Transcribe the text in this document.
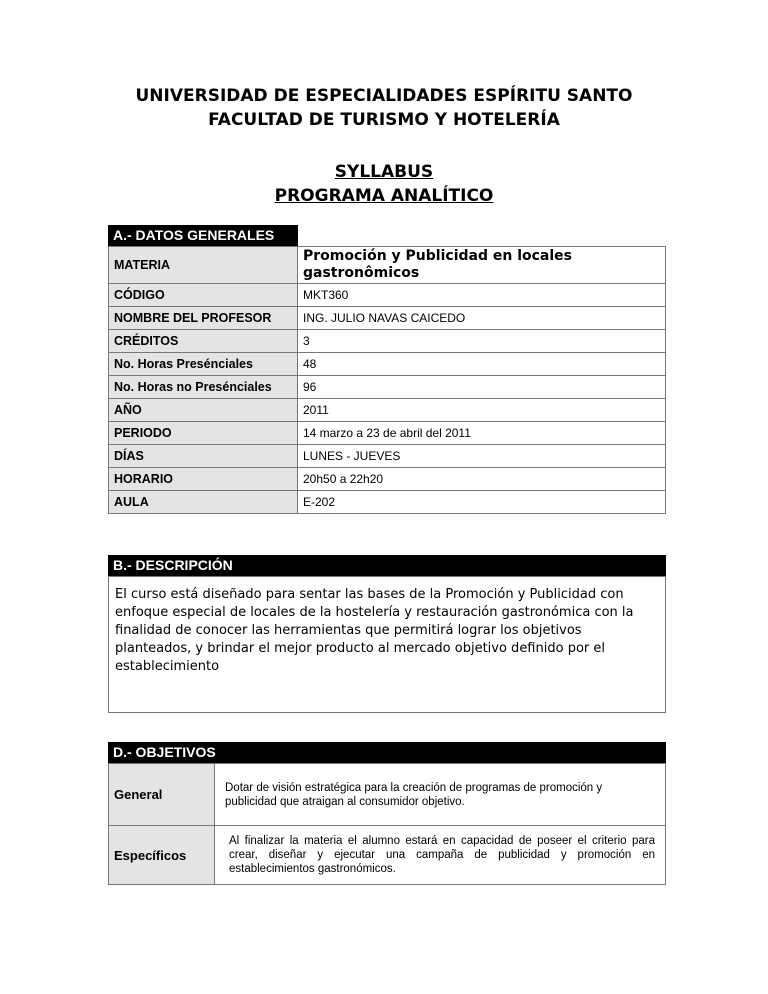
UNIVERSIDAD DE ESPECIALIDADES ESPÍRITU SANTO
FACULTAD DE TURISMO Y HOTELERÍA
SYLLABUS
PROGRAMA ANALÍTICO
A.- DATOS GENERALES
MATERIA	Promoción y Publicidad en locales gastronômicos
CÓDIGO	MKT360
NOMBRE DEL PROFESOR	ING. JULIO NAVAS CAICEDO
CRÉDITOS	3
No. Horas Presénciales	48
No. Horas no Presénciales	96
AÑO	2011
PERIODO	14 marzo a 23 de abril del 2011
DÍAS	LUNES - JUEVES
HORARIO	20h50 a 22h20
AULA	E-202
B.- DESCRIPCIÓN
El curso está diseñado para sentar las bases de la Promoción y Publicidad con enfoque especial de locales de la hostelería y restauración gastronómica con la finalidad de conocer las herramientas que permitirá lograr los objetivos planteados, y brindar el mejor producto al mercado objetivo definido por el establecimiento
D.- OBJETIVOS
General	Dotar de visión estratégica para la creación de programas de promoción y publicidad que atraigan al consumidor objetivo.
Específicos	Al finalizar la materia el alumno estará en capacidad de poseer el criterio para crear, diseñar y ejecutar una campaña de publicidad y promoción en establecimientos gastronómicos.
